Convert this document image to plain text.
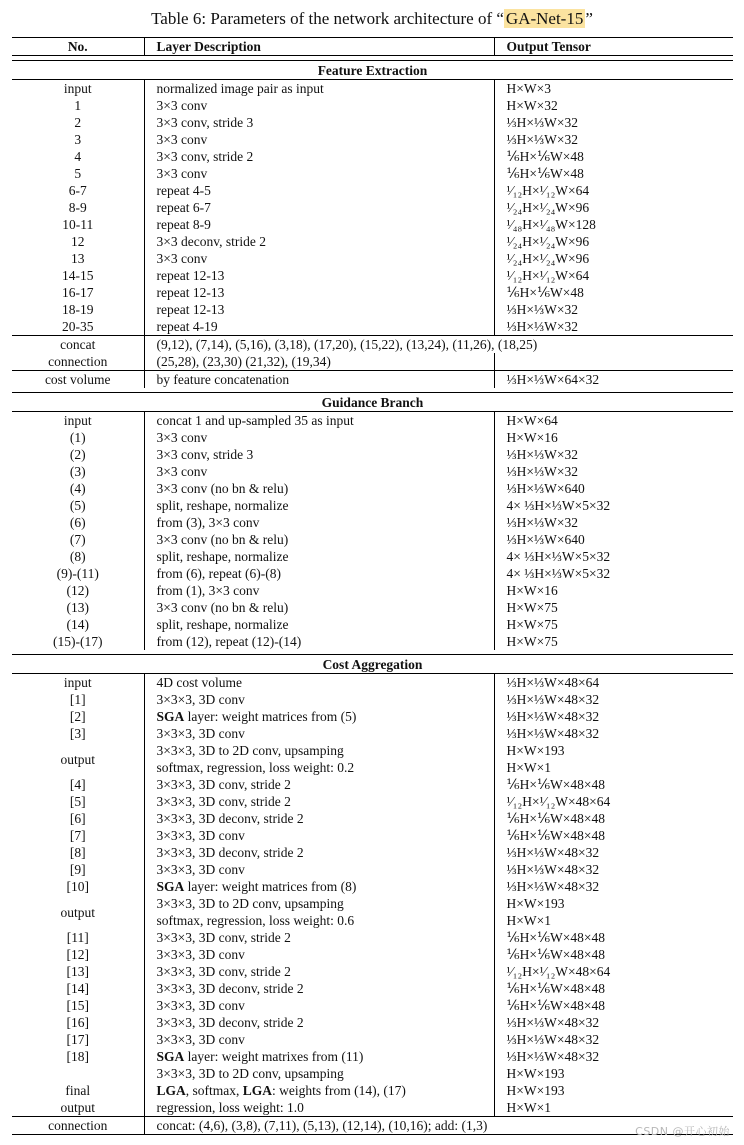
Table 6: Parameters of the network architecture of “ GA-Net-15 ”
No.	Layer Description	Output Tensor

Feature Extraction		
input	normalized image pair as input	H×W×3
1	3×3 conv	H×W×32
2	3×3 conv, stride 3	⅓H×⅓W×32
3	3×3 conv	⅓H×⅓W×32
4	3×3 conv, stride 2	⅙H×⅙W×48
5	3×3 conv	⅙H×⅙W×48
6-7	repeat 4-5	¹⁄₁₂H×¹⁄₁₂W×64
8-9	repeat 6-7	¹⁄₂₄H×¹⁄₂₄W×96
10-11	repeat 8-9	¹⁄₄₈H×¹⁄₄₈W×128
12	3×3 deconv, stride 2	¹⁄₂₄H×¹⁄₂₄W×96
13	3×3 conv	¹⁄₂₄H×¹⁄₂₄W×96
14-15	repeat 12-13	¹⁄₁₂H×¹⁄₁₂W×64
16-17	repeat 12-13	⅙H×⅙W×48
18-19	repeat 12-13	⅓H×⅓W×32
20-35	repeat 4-19	⅓H×⅓W×32
concat	(9,12), (7,14), (5,16), (3,18), (17,20), (15,22), (13,24), (11,26), (18,25)	
connection	(25,28), (23,30) (21,32), (19,34)	
cost volume	by feature concatenation	⅓H×⅓W×64×32

Guidance Branch		
input	concat 1 and up-sampled 35 as input	H×W×64
(1)	3×3 conv	H×W×16
(2)	3×3 conv, stride 3	⅓H×⅓W×32
(3)	3×3 conv	⅓H×⅓W×32
(4)	3×3 conv (no bn & relu)	⅓H×⅓W×640
(5)	split, reshape, normalize	4× ⅓H×⅓W×5×32
(6)	from (3), 3×3 conv	⅓H×⅓W×32
(7)	3×3 conv (no bn & relu)	⅓H×⅓W×640
(8)	split, reshape, normalize	4× ⅓H×⅓W×5×32
(9)-(11)	from (6), repeat (6)-(8)	4× ⅓H×⅓W×5×32
(12)	from (1), 3×3 conv	H×W×16
(13)	3×3 conv (no bn & relu)	H×W×75
(14)	split, reshape, normalize	H×W×75
(15)-(17)	from (12), repeat (12)-(14)	H×W×75

Cost Aggregation		
input	4D cost volume	⅓H×⅓W×48×64
[1]	3×3×3, 3D conv	⅓H×⅓W×48×32
[2]	SGA layer: weight matrices from (5)	⅓H×⅓W×48×32
[3]	3×3×3, 3D conv	⅓H×⅓W×48×32
output	3×3×3, 3D to 2D conv, upsamping	H×W×193
	softmax, regression, loss weight: 0.2	H×W×1
[4]	3×3×3, 3D conv, stride 2	⅙H×⅙W×48×48
[5]	3×3×3, 3D conv, stride 2	¹⁄₁₂H×¹⁄₁₂W×48×64
[6]	3×3×3, 3D deconv, stride 2	⅙H×⅙W×48×48
[7]	3×3×3, 3D conv	⅙H×⅙W×48×48
[8]	3×3×3, 3D deconv, stride 2	⅓H×⅓W×48×32
[9]	3×3×3, 3D conv	⅓H×⅓W×48×32
[10]	SGA layer: weight matrices from (8)	⅓H×⅓W×48×32
output	3×3×3, 3D to 2D conv, upsamping	H×W×193
	softmax, regression, loss weight: 0.6	H×W×1
[11]	3×3×3, 3D conv, stride 2	⅙H×⅙W×48×48
[12]	3×3×3, 3D conv	⅙H×⅙W×48×48
[13]	3×3×3, 3D conv, stride 2	¹⁄₁₂H×¹⁄₁₂W×48×64
[14]	3×3×3, 3D deconv, stride 2	⅙H×⅙W×48×48
[15]	3×3×3, 3D conv	⅙H×⅙W×48×48
[16]	3×3×3, 3D deconv, stride 2	⅓H×⅓W×48×32
[17]	3×3×3, 3D conv	⅓H×⅓W×48×32
[18]	SGA layer: weight matrixes from (11)	⅓H×⅓W×48×32
	3×3×3, 3D to 2D conv, upsamping	H×W×193
final	LGA, softmax, LGA: weights from (14), (17)	H×W×193
output	regression, loss weight: 1.0	H×W×1
connection	concat: (4,6), (3,8), (7,11), (5,13), (12,14), (10,16); add: (1,3)		CSDN @开心初始
